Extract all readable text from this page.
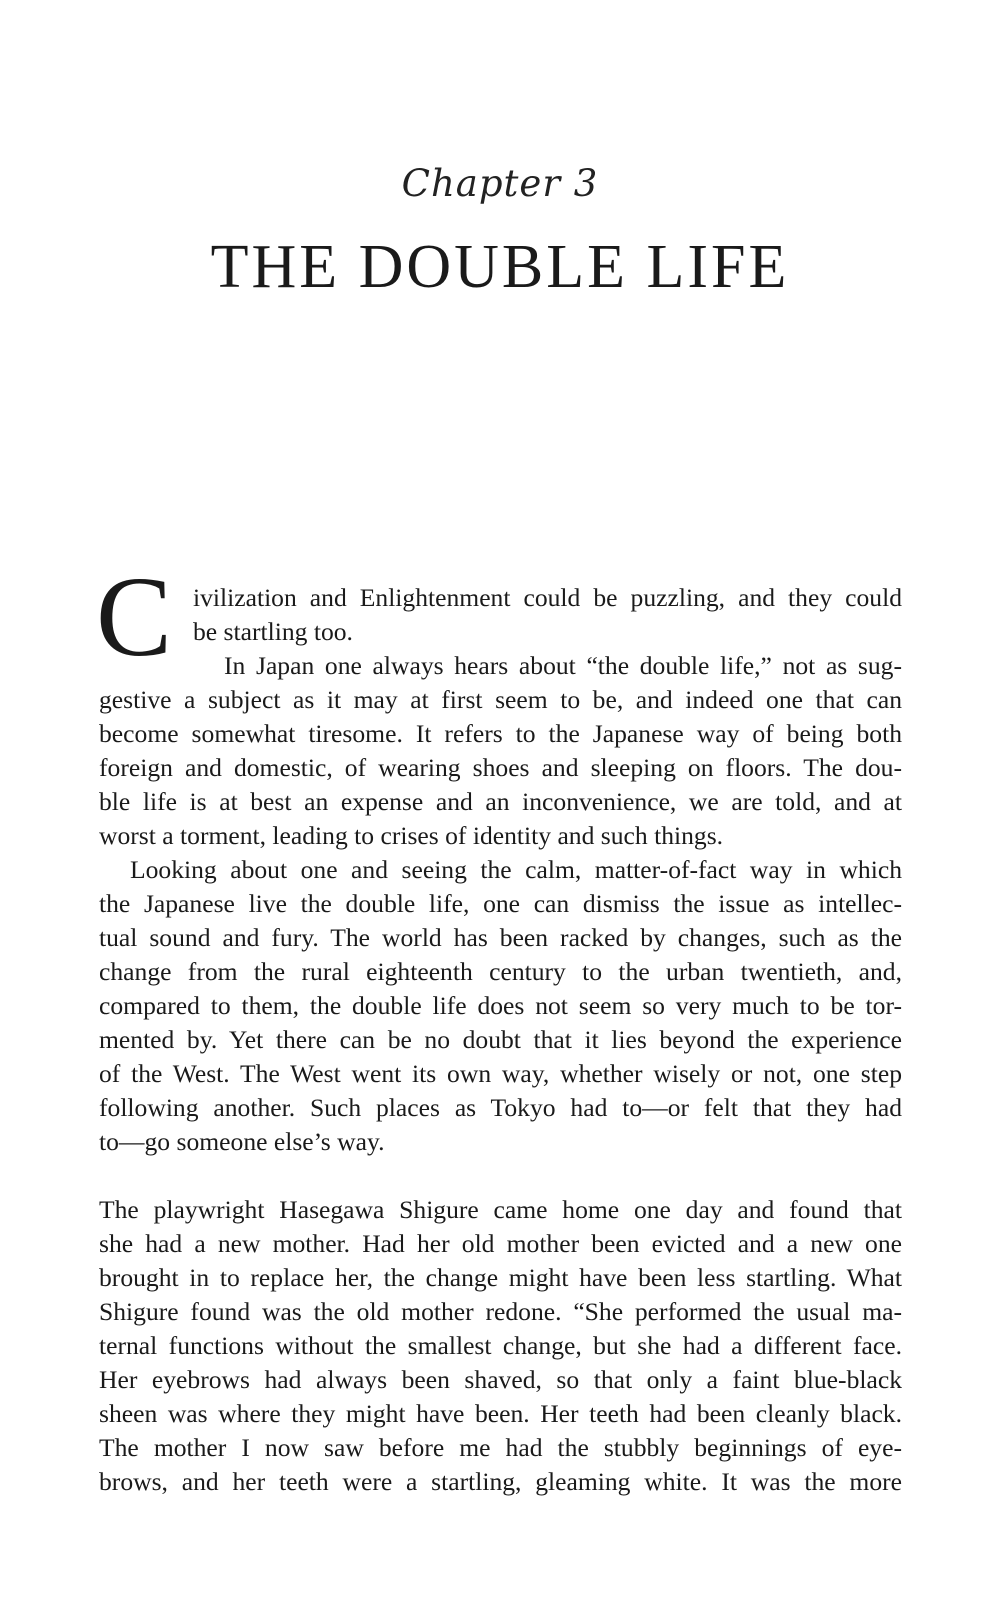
Chapter 3
THE DOUBLE LIFE
C ivilization and Enlightenment could be puzzling, and they could
be startling too.
In Japan one always hears about “the double life,” not as sug-
gestive a subject as it may at first seem to be, and indeed one that can
become somewhat tiresome. It refers to the Japanese way of being both
foreign and domestic, of wearing shoes and sleeping on floors. The dou-
ble life is at best an expense and an inconvenience, we are told, and at
worst a torment, leading to crises of identity and such things.
Looking about one and seeing the calm, matter-of-fact way in which
the Japanese live the double life, one can dismiss the issue as intellec-
tual sound and fury. The world has been racked by changes, such as the
change from the rural eighteenth century to the urban twentieth, and,
compared to them, the double life does not seem so very much to be tor-
mented by. Yet there can be no doubt that it lies beyond the experience
of the West. The West went its own way, whether wisely or not, one step
following another. Such places as Tokyo had to—or felt that they had
to—go someone else’s way.
The playwright Hasegawa Shigure came home one day and found that
she had a new mother. Had her old mother been evicted and a new one
brought in to replace her, the change might have been less startling. What
Shigure found was the old mother redone. “She performed the usual ma-
ternal functions without the smallest change, but she had a different face.
Her eyebrows had always been shaved, so that only a faint blue-black
sheen was where they might have been. Her teeth had been cleanly black.
The mother I now saw before me had the stubbly beginnings of eye-
brows, and her teeth were a startling, gleaming white. It was the more
